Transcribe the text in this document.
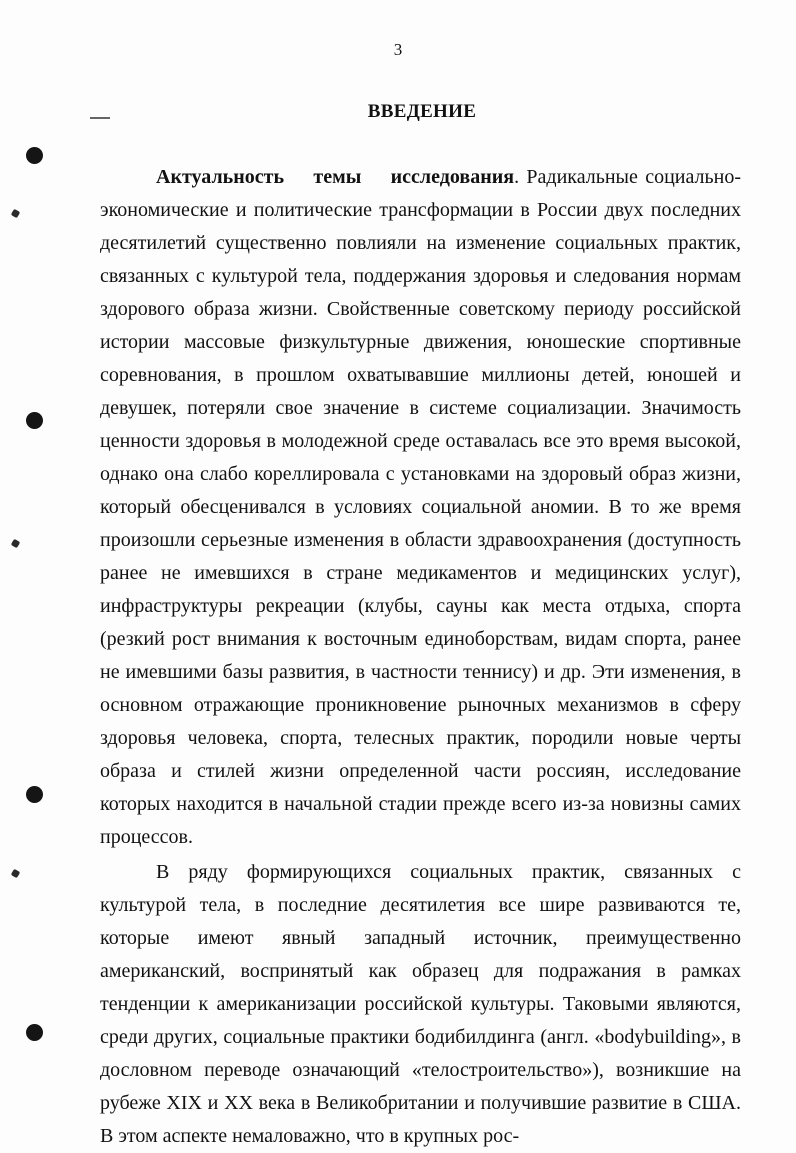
3
ВВЕДЕНИЕ

Актуальность темы исследования. Радикальные социально-экономические и политические трансформации в России двух последних десятилетий существенно повлияли на изменение социальных практик, связанных с культурой тела, поддержания здоровья и следования нормам здорового образа жизни. Свойственные советскому периоду российской истории массовые физкультурные движения, юношеские спортивные соревнования, в прошлом охватывавшие миллионы детей, юношей и девушек, потеряли свое значение в системе социализации. Значимость ценности здоровья в молодежной среде оставалась все это время высокой, однако она слабо кореллировала с установками на здоровый образ жизни, который обесценивался в условиях социальной аномии. В то же время произошли серьезные изменения в области здравоохранения (доступность ранее не имевшихся в стране медикаментов и медицинских услуг), инфраструктуры рекреации (клубы, сауны как места отдыха, спорта (резкий рост внимания к восточным единоборствам, видам спорта, ранее не имевшими базы развития, в частности теннису) и др. Эти изменения, в основном отражающие проникновение рыночных механизмов в сферу здоровья человека, спорта, телесных практик, породили новые черты образа и стилей жизни определенной части россиян, исследование которых находится в начальной стадии прежде всего из-за новизны самих процессов.

В ряду формирующихся социальных практик, связанных с культурой тела, в последние десятилетия все шире развиваются те, которые имеют явный западный источник, преимущественно американский, воспринятый как образец для подражания в рамках тенденции к американизации российской культуры. Таковыми являются, среди других, социальные практики бодибилдинга (англ. «bodybuilding», в дословном переводе означающий «телостроительство»), возникшие на рубеже XIX и XX века в Великобритании и получившие развитие в США. В этом аспекте немаловажно, что в крупных рос-
